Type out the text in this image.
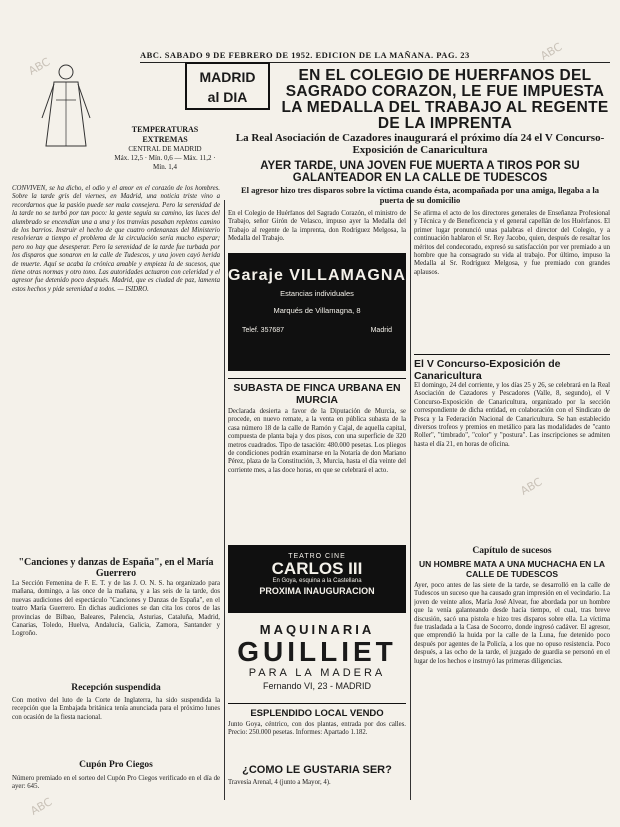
ABC
ABC
ABC
ABC
ABC. SABADO 9 DE FEBRERO DE 1952. EDICION DE LA MAÑANA. PAG. 23
MADRID
al DIA
TEMPERATURAS EXTREMAS
CENTRAL DE MADRID
Máx. 12,5 · Mín. 0,6 — Máx. 11,2 · Mín. 1,4
EN EL COLEGIO DE HUERFANOS DEL SAGRADO CORAZON, LE FUE IMPUESTA LA MEDALLA DEL TRABAJO AL REGENTE DE LA IMPRENTA
La Real Asociación de Cazadores inaugurará el próximo día 24 el V Concurso-Exposición de Canaricultura
AYER TARDE, UNA JOVEN FUE MUERTA A TIROS POR SU GALANTEADOR EN LA CALLE DE TUDESCOS
El agresor hizo tres disparos sobre la víctima cuando ésta, acompañada por una amiga, llegaba a la puerta de su domicilio
CONVIVEN, se ha dicho, el odio y el amor en el corazón de los hombres. Sobre la tarde gris del viernes, en Madrid, una noticia triste vino a recordarnos que la pasión puede ser mala consejera. Pero la serenidad de la tarde no se turbó por tan poco: la gente seguía su camino, las luces del alumbrado se encendían una a una y los tranvías pasaban repletos camino de los barrios. Instruir el hecho de que cuatro ordenanzas del Ministerio resolvieran a tiempo el problema de la circulación sería mucho esperar; pero no hay que desesperar. Pero la serenidad de la tarde fue turbada por los disparos que sonaron en la calle de Tudescos, y una joven cayó herida de muerte. Aquí se acaba la crónica amable y empieza la de sucesos, que tiene otras normas y otro tono. Las autoridades actuaron con celeridad y el agresor fue detenido poco después. Madrid, que es ciudad de paz, lamenta estos hechos y pide serenidad a todos. — ISIDRO.
"Canciones y danzas de España", en el María Guerrero
La Sección Femenina de F. E. T. y de las J. O. N. S. ha organizado para mañana, domingo, a las once de la mañana, y a las seis de la tarde, dos nuevas audiciones del espectáculo "Canciones y Danzas de España", en el teatro María Guerrero. En dichas audiciones se dan cita los coros de las provincias de Bilbao, Baleares, Palencia, Asturias, Cataluña, Madrid, Canarias, Toledo, Huelva, Andalucía, Galicia, Zamora, Santander y Logroño.
Recepción suspendida
Con motivo del luto de la Corte de Inglaterra, ha sido suspendida la recepción que la Embajada británica tenía anunciada para el próximo lunes con ocasión de la fiesta nacional.
Cupón Pro Ciegos
Número premiado en el sorteo del Cupón Pro Ciegos verificado en el día de ayer: 645.
En el Colegio de Huérfanos del Sagrado Corazón, el ministro de Trabajo, señor Girón de Velasco, impuso ayer la Medalla del Trabajo al regente de la imprenta, don Rodríguez Melgosa, la Medalla del Trabajo.
Garaje VILLAMAGNA
Estancias individuales
Marqués de Villamagna, 8
Telef. 357687	Madrid
SUBASTA DE FINCA URBANA EN MURCIA
Declarada desierta a favor de la Diputación de Murcia, se procede, en nuevo remate, a la venta en pública subasta de la casa número 18 de la calle de Ramón y Cajal, de aquella capital, compuesta de planta baja y dos pisos, con una superficie de 320 metros cuadrados. Tipo de tasación: 480.000 pesetas. Los pliegos de condiciones podrán examinarse en la Notaría de don Mariano Pérez, plaza de la Constitución, 3, Murcia, hasta el día veinte del corriente mes, a las doce horas, en que se celebrará el acto.
TEATRO CINE
CARLOS III
En Goya, esquina a la Castellana
PROXIMA INAUGURACION
MAQUINARIA
GUILLIET
PARA LA MADERA
Fernando VI, 23 - MADRID
ESPLENDIDO LOCAL VENDO
Junto Goya, céntrico, con dos plantas, entrada por dos calles. Precio: 250.000 pesetas. Informes: Apartado 1.182.
¿COMO LE GUSTARIA SER?
Travesía Arenal, 4 (junto a Mayor, 4).
Se afirma el acto de los directores generales de Enseñanza Profesional y Técnica y de Beneficencia y el general capellán de los Huérfanos. El primer lugar pronunció unas palabras el director del Colegio, y a continuación hablaron el Sr. Rey Jacobo, quien, después de resaltar los méritos del condecorado, expresó su satisfacción por ver premiado a un hombre que ha consagrado su vida al trabajo. Por último, impuso la Medalla al Sr. Rodríguez Melgosa, y fue premiado con grandes aplausos.
El V Concurso-Exposición de Canaricultura
El domingo, 24 del corriente, y los días 25 y 26, se celebrará en la Real Asociación de Cazadores y Pescadores (Valle, 8, segundo), el V Concurso-Exposición de Canaricultura, organizado por la sección correspondiente de dicha entidad, en colaboración con el Sindicato de Pesca y la Federación Nacional de Canaricultura. Se han establecido diversos trofeos y premios en metálico para las modalidades de "canto Roller", "timbrado", "color" y "postura". Las inscripciones se admiten hasta el día 21, en horas de oficina.
Capítulo de sucesos
UN HOMBRE MATA A UNA MUCHACHA EN LA CALLE DE TUDESCOS
Ayer, poco antes de las siete de la tarde, se desarrolló en la calle de Tudescos un suceso que ha causado gran impresión en el vecindario. La joven de veinte años, María José Alvear, fue abordada por un hombre que la venía galanteando desde hacía tiempo, el cual, tras breve discusión, sacó una pistola e hizo tres disparos sobre ella. La víctima fue trasladada a la Casa de Socorro, donde ingresó cadáver. El agresor, que emprendió la huida por la calle de la Luna, fue detenido poco después por agentes de la Policía, a los que no opuso resistencia. Poco después, a las ocho de la tarde, el juzgado de guardia se personó en el lugar de los hechos e instruyó las primeras diligencias.
